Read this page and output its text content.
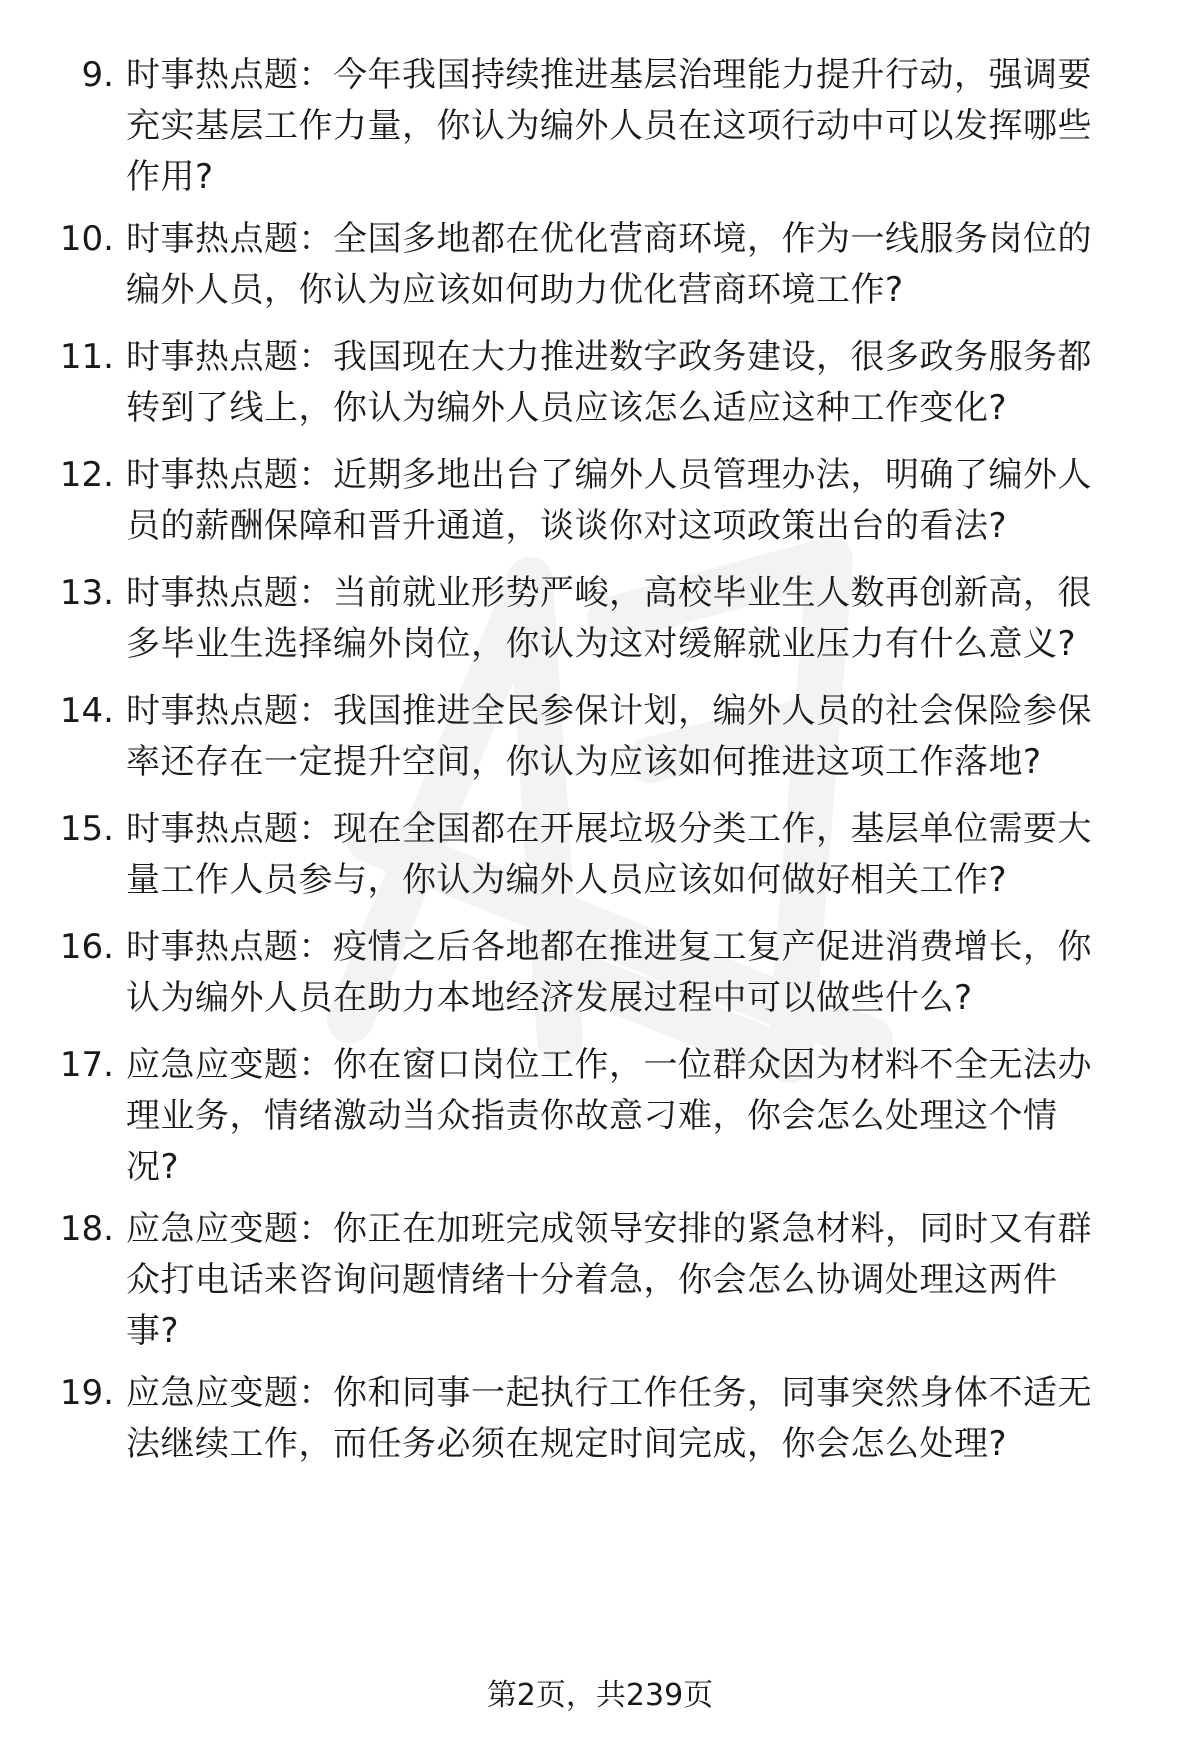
9. 时事热点题：今年我国持续推进基层治理能力提升行动，强调要
充实基层工作力量，你认为编外人员在这项行动中可以发挥哪些
作用?
10. 时事热点题：全国多地都在优化营商环境，作为一线服务岗位的
编外人员，你认为应该如何助力优化营商环境工作?
11. 时事热点题：我国现在大力推进数字政务建设，很多政务服务都
转到了线上，你认为编外人员应该怎么适应这种工作变化?
12. 时事热点题：近期多地出台了编外人员管理办法，明确了编外人
员的薪酬保障和晋升通道，谈谈你对这项政策出台的看法?
13. 时事热点题：当前就业形势严峻，高校毕业生人数再创新高，很
多毕业生选择编外岗位，你认为这对缓解就业压力有什么意义?
14. 时事热点题：我国推进全民参保计划，编外人员的社会保险参保
率还存在一定提升空间，你认为应该如何推进这项工作落地?
15. 时事热点题：现在全国都在开展垃圾分类工作，基层单位需要大
量工作人员参与，你认为编外人员应该如何做好相关工作?
16. 时事热点题：疫情之后各地都在推进复工复产促进消费增长，你
认为编外人员在助力本地经济发展过程中可以做些什么?
17. 应急应变题：你在窗口岗位工作，一位群众因为材料不全无法办
理业务，情绪激动当众指责你故意刁难，你会怎么处理这个情
况?
18. 应急应变题：你正在加班完成领导安排的紧急材料，同时又有群
众打电话来咨询问题情绪十分着急，你会怎么协调处理这两件
事?
19. 应急应变题：你和同事一起执行工作任务，同事突然身体不适无
法继续工作，而任务必须在规定时间完成，你会怎么处理?
第2页，共239页
